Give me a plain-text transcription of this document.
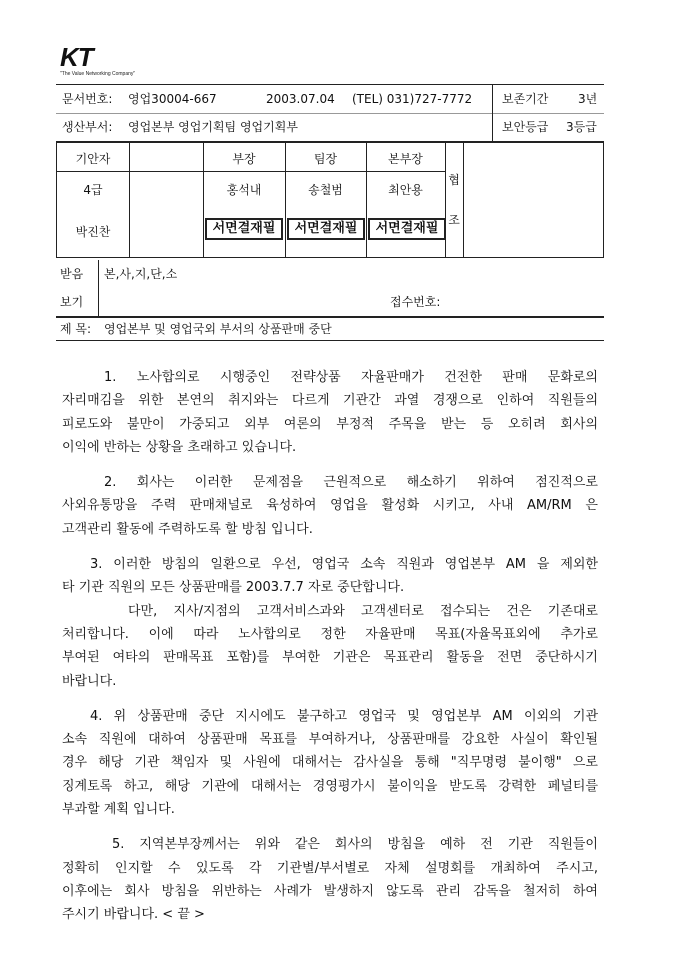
KT
"The Value Networking Company"
문서번호: 영업30004-667	2003.07.04 (TEL) 031)727-7772 보존기간 3년
생산부서: 영업본부 영업기획팀 영업기획부	보안등급 3등급
기안자
4급
박진찬
부장	팀장	본부장
홍석내	송철범	최안용
서면결재필	서면결재필	서면결재필
협
조
받음 본,사,지,단,소
보기	접수번호:
제 목: 영업본부 및 영업국외 부서의 상품판매 중단
1. 노사합의로 시행중인 전략상품 자율판매가 건전한 판매 문화로의
자리매김을 위한 본연의 취지와는 다르게 기관간 과열 경쟁으로 인하여 직원들의
피로도와 불만이 가중되고 외부 여론의 부정적 주목을 받는 등 오히려 회사의
이익에 반하는 상황을 초래하고 있습니다.
2. 회사는 이러한 문제점을 근원적으로 해소하기 위하여 점진적으로
사외유통망을 주력 판매채널로 육성하여 영업을 활성화 시키고, 사내 AM/RM 은
고객관리 활동에 주력하도록 할 방침 입니다.
3. 이러한 방침의 일환으로 우선, 영업국 소속 직원과 영업본부 AM 을 제외한
타 기관 직원의 모든 상품판매를 2003.7.7 자로 중단합니다.
다만, 지사/지점의 고객서비스과와 고객센터로 접수되는 건은 기존대로
처리합니다. 이에 따라 노사합의로 정한 자율판매 목표(자율목표외에 추가로
부여된 여타의 판매목표 포함)를 부여한 기관은 목표관리 활동을 전면 중단하시기
바랍니다.
4. 위 상품판매 중단 지시에도 불구하고 영업국 및 영업본부 AM 이외의 기관
소속 직원에 대하여 상품판매 목표를 부여하거나, 상품판매를 강요한 사실이 확인될
경우 해당 기관 책임자 및 사원에 대해서는 감사실을 통해 "직무명령 불이행" 으로
징계토록 하고, 해당 기관에 대해서는 경영평가시 불이익을 받도록 강력한 페널티를
부과할 계획 입니다.
5. 지역본부장께서는 위와 같은 회사의 방침을 예하 전 기관 직원들이
정확히 인지할 수 있도록 각 기관별/부서별로 자체 설명회를 개최하여 주시고,
이후에는 회사 방침을 위반하는 사례가 발생하지 않도록 관리 감독을 철저히 하여
주시기 바랍니다. < 끝 >
